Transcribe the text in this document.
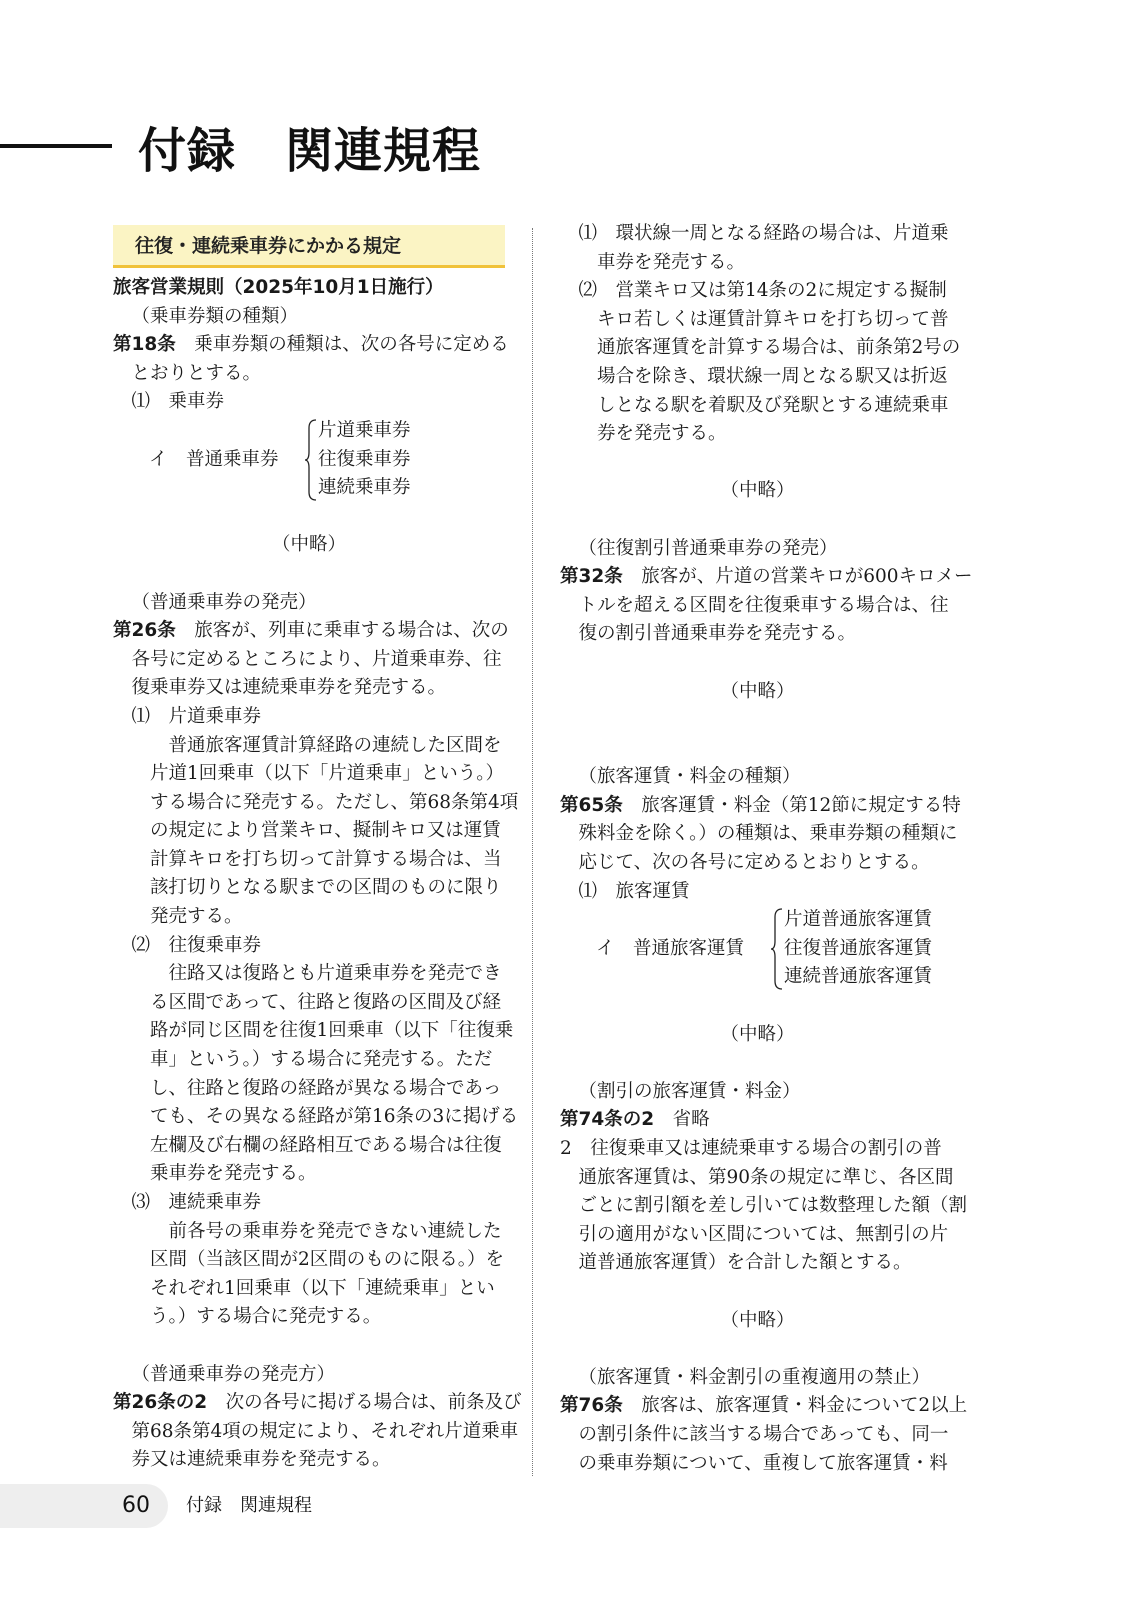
付録　関連規程
往復・連続乗車券にかかる規定

旅客営業規則（2025年10月1日施行）

（乗車券類の種類）

第18条　乗車券類の種類は、次の各号に定める

とおりとする。

⑴　乗車券

イ　普通乗車券

片道乗車券

往復乗車券

連続乗車券

（中略）

（普通乗車券の発売）

第26条　旅客が、列車に乗車する場合は、次の

各号に定めるところにより、片道乗車券、往

復乗車券又は連続乗車券を発売する。

⑴　片道乗車券

普通旅客運賃計算経路の連続した区間を

片道1回乗車（以下「片道乗車」という。）

する場合に発売する。ただし、第68条第4項

の規定により営業キロ、擬制キロ又は運賃

計算キロを打ち切って計算する場合は、当

該打切りとなる駅までの区間のものに限り

発売する。

⑵　往復乗車券

往路又は復路とも片道乗車券を発売でき

る区間であって、往路と復路の区間及び経

路が同じ区間を往復1回乗車（以下「往復乗

車」という。）する場合に発売する。ただ

し、往路と復路の経路が異なる場合であっ

ても、その異なる経路が第16条の3に掲げる

左欄及び右欄の経路相互である場合は往復

乗車券を発売する。

⑶　連続乗車券

前各号の乗車券を発売できない連続した

区間（当該区間が2区間のものに限る。）を

それぞれ1回乗車（以下「連続乗車」とい

う。）する場合に発売する。

（普通乗車券の発売方）

第26条の2　次の各号に掲げる場合は、前条及び

第68条第4項の規定により、それぞれ片道乗車

券又は連続乗車券を発売する。

⑴　環状線一周となる経路の場合は、片道乗

車券を発売する。

⑵　営業キロ又は第14条の2に規定する擬制

キロ若しくは運賃計算キロを打ち切って普

通旅客運賃を計算する場合は、前条第2号の

場合を除き、環状線一周となる駅又は折返

しとなる駅を着駅及び発駅とする連続乗車

券を発売する。

（中略）

（往復割引普通乗車券の発売）

第32条　旅客が、片道の営業キロが600キロメー

トルを超える区間を往復乗車する場合は、往

復の割引普通乗車券を発売する。

（中略）

（旅客運賃・料金の種類）

第65条　旅客運賃・料金（第12節に規定する特

殊料金を除く。）の種類は、乗車券類の種類に

応じて、次の各号に定めるとおりとする。

⑴　旅客運賃

イ　普通旅客運賃

片道普通旅客運賃

往復普通旅客運賃

連続普通旅客運賃

（中略）

（割引の旅客運賃・料金）

第74条の2　省略

2　往復乗車又は連続乗車する場合の割引の普

通旅客運賃は、第90条の規定に準じ、各区間

ごとに割引額を差し引いては数整理した額（割

引の適用がない区間については、無割引の片

道普通旅客運賃）を合計した額とする。

（中略）

（旅客運賃・料金割引の重複適用の禁止）

第76条　旅客は、旅客運賃・料金について2以上

の割引条件に該当する場合であっても、同一

の乗車券類について、重複して旅客運賃・料

60 付録　関連規程
